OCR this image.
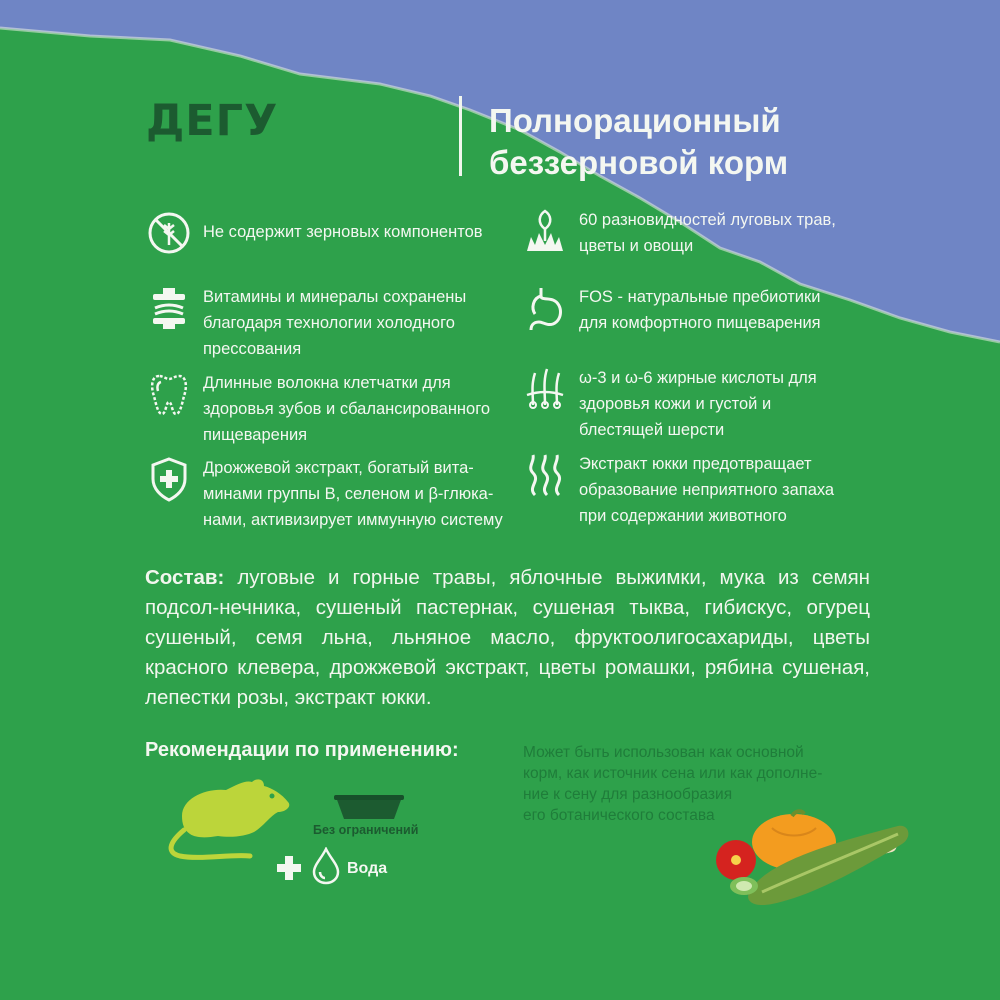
ДЕГУ	Полнорационный беззерновой корм
Не содержит зерновых компонентов
Витамины и минералы сохранены
благодаря технологии холодного
прессования
Длинные волокна клетчатки для
здоровья зубов и сбалансированного
пищеварения
Дрожжевой экстракт, богатый вита-
минами группы В, селеном и β-глюка-
нами, активизирует иммунную систему
60 разновидностей луговых трав,
цветы и овощи
FOS - натуральные пребиотики
для комфортного пищеварения
ω-3 и ω-6 жирные кислоты для
здоровья кожи и густой и
блестящей шерсти
Экстракт юкки предотвращает
образование неприятного запаха
при содержании животного
Состав: луговые и горные травы, яблочные выжимки, мука из семян подсол-нечника, сушеный пастернак, сушеная тыква, гибискус, огурец сушеный, семя льна, льняное масло, фруктоолигосахариды, цветы красного клевера, дрожжевой экстракт, цветы ромашки, рябина сушеная, лепестки розы, экстракт юкки.
Рекомендации по применению:
Без ограничений
Вода
Может быть использован как основной
корм, как источник сена или как дополне-
ние к сену для разнообразия
его ботанического состава
